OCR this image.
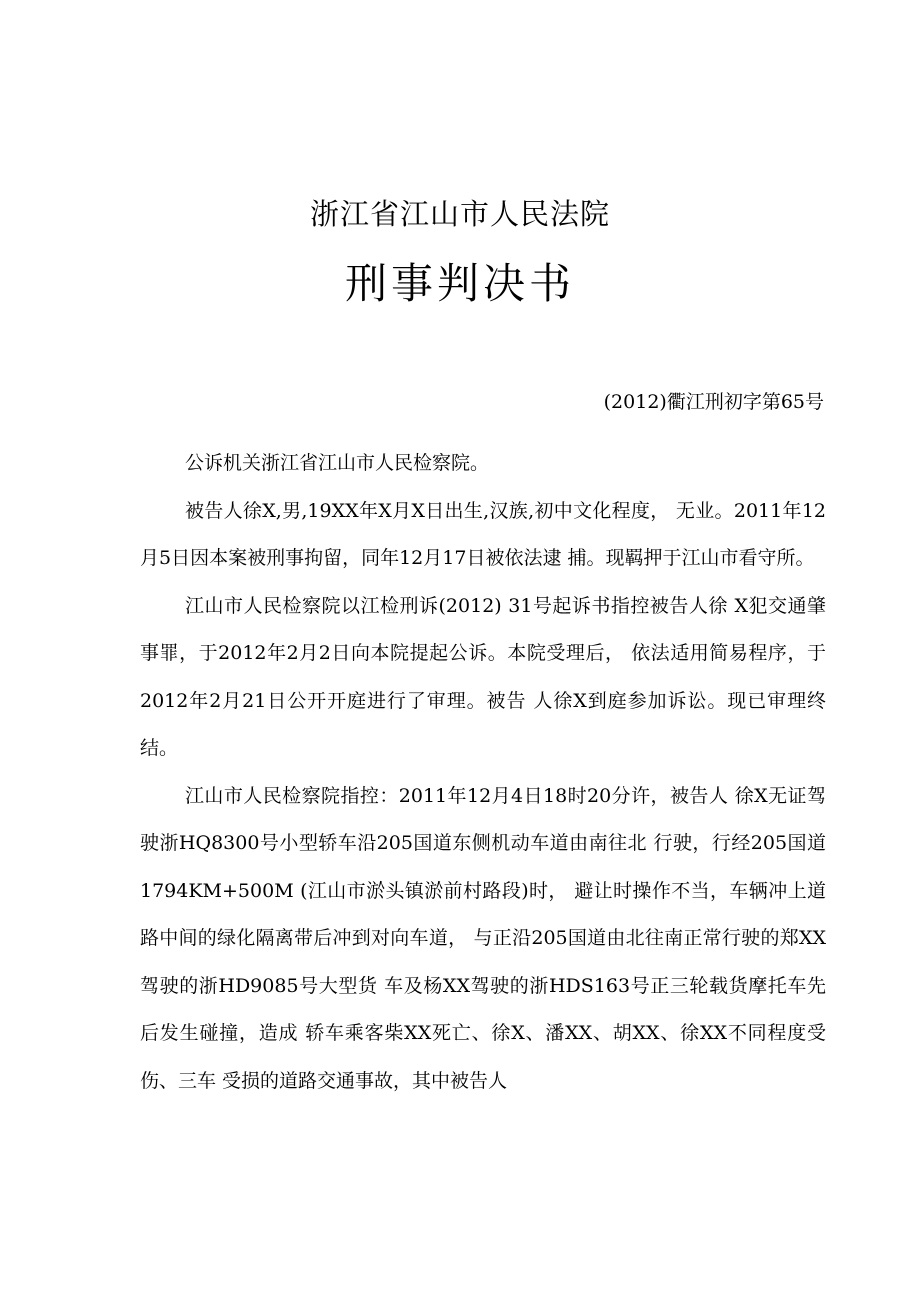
浙江省江山市人民法院
刑事判决书
(2012)衢江刑初字第65号

公诉机关浙江省江山市人民检察院。

被告人徐X,男,19XX年X月X日出生,汉族,初中文化程度， 无业。2011年12月5日因本案被刑事拘留，同年12月17日被依法逮 捕。现羁押于江山市看守所。

江山市人民检察院以江检刑诉(2012) 31号起诉书指控被告人徐 X犯交通肇事罪，于2012年2月2日向本院提起公诉。本院受理后， 依法适用简易程序，于2012年2月21日公开开庭进行了审理。被告 人徐X到庭参加诉讼。现已审理终结。

江山市人民检察院指控：2011年12月4日18时20分许，被告人 徐X无证驾驶浙HQ8300号小型轿车沿205国道东侧机动车道由南往北 行驶，行经205国道1794KM+500M (江山市淤头镇淤前村路段)时， 避让时操作不当，车辆冲上道路中间的绿化隔离带后冲到对向车道， 与正沿205国道由北往南正常行驶的郑XX驾驶的浙HD9085号大型货 车及杨XX驾驶的浙HDS163号正三轮载货摩托车先后发生碰撞，造成 轿车乘客柴XX死亡、徐X、潘XX、胡XX、徐XX不同程度受伤、三车 受损的道路交通事故，其中被告人
